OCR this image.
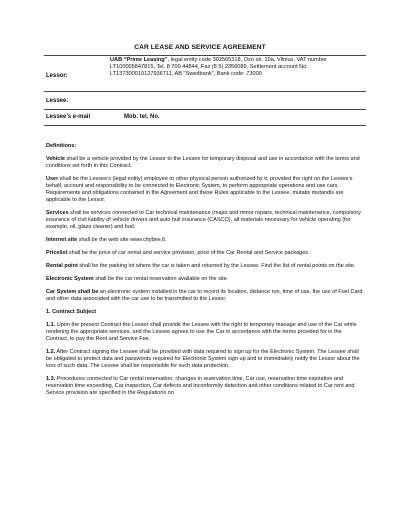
CAR LEASE AND SERVICE AGREEMENT
Lessor:
UAB “Prime Leasing”, legal entity code 302565318, Ozo str. 10a, Vilnius, VAT number LT100005847815, Tel. 8 700 44844, Fax (8 5) 2356089, Settlement account No. LT137300010127936711, AB "Swedbank", Bank code: 73000
Lessee:
Lessee’s e-mail	Mob. tel. No.

Definitions:

Vehicle shall be a vehicle provided by the Lessor to the Lessee for temporary disposal and use in accordance with the terms and conditions set forth in this Contract.

User shall be the Lessee’s (legal entity) employee or other physical person authorized by it, provided the right on the Lessee’s behalf, account and responsibility to be connected to Electronic System, to perform appropriate operations and use cars. Requirements and obligations contained in the Agreement and these Rules applicable to the Lessee, mutatis mutandis are applicable to the Lessor.

Services shall be services connected to Car technical maintenance (major and minor repairs, technical maintenance, compulsory insurance of civil liability of vehicle drivers and auto hull insurance (CASCO), all materials necessary for vehicle operating (for example, oil, glass cleaner) and fuel.

Internet site shall be the web site www.citybee.lt.

Pricelist shall be the price of car rental and service provision, price of the Car Rental and Service packages.

Rental point shall be the parking lot where the car is taken and returned by the Lessee. Find the list of rental points on the site.

Electronic System shall be the car rental reservation available on the site.

Car System shall be an electronic system installed in the car to record its location, distance run, time of use, the use of Fuel Card and other data associated with the car use to be transmitted to the Lessor.

1. Contract Subject

1.1. Upon the present Contract the Lessor shall provide the Lessee with the right to temporary manage and use of the Car while rendering the appropriate services, and the Lessee agrees to use the Car in accordance with the terms provided for in the Contract, to pay the Rent and Service Fee.

1.2. After Contract signing the Lessee shall be provided with data required to sign up for the Electronic System. The Lessee shall be obligated to protect data and passwords required for Electronic System sign up and to immediately notify the Lessor about the loss of such data. The Lessee shall be responsible for such data protection.

1.3. Procedures connected to Car rental reservation, changes in reservation time, Car use, reservation time expiration and reservation time exceeding, Car inspection, Car defects and inconformity detection and other conditions related to Car rent and Service provision are specified in the Regulations on
